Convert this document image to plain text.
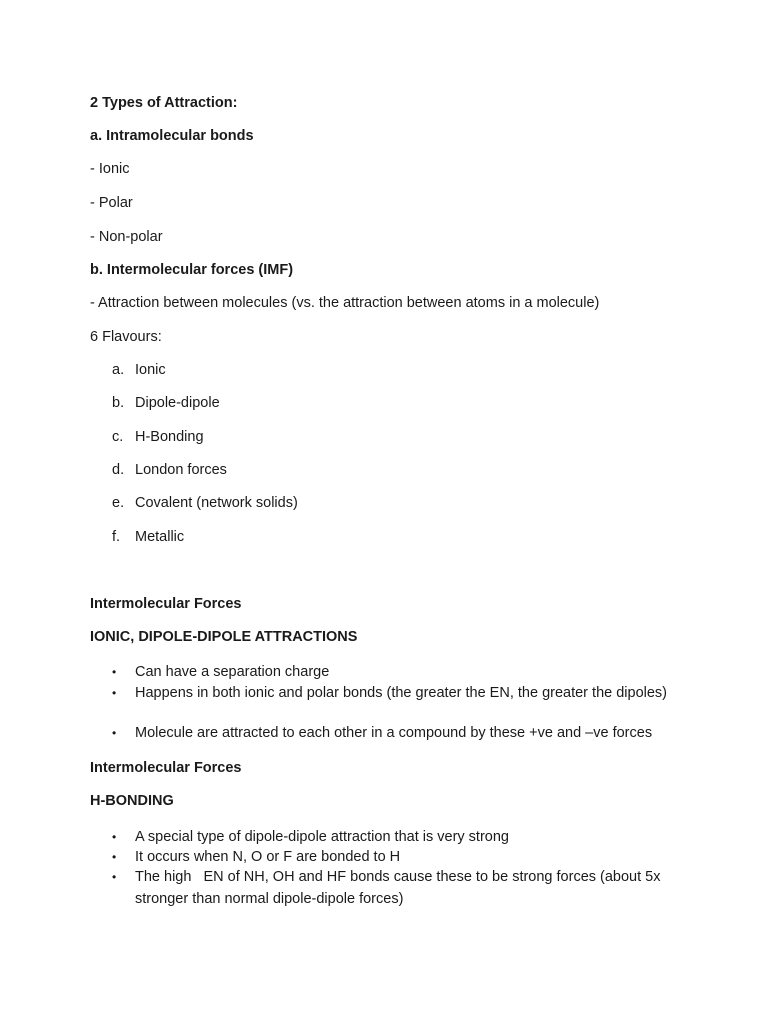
2 Types of Attraction:
a. Intramolecular bonds
- Ionic
- Polar
- Non-polar
b. Intermolecular forces (IMF)
- Attraction between molecules (vs. the attraction between atoms in a molecule)
6 Flavours:
a. Ionic
b. Dipole-dipole
c. H-Bonding
d. London forces
e. Covalent (network solids)
f. Metallic
Intermolecular Forces
IONIC, DIPOLE-DIPOLE ATTRACTIONS
• Can have a separation charge
• Happens in both ionic and polar bonds (the greater the EN, the greater the dipoles)
• Molecule are attracted to each other in a compound by these +ve and –ve forces
Intermolecular Forces
H-BONDING
• A special type of dipole-dipole attraction that is very strong
• It occurs when N, O or F are bonded to H
• The high   EN of NH, OH and HF bonds cause these to be strong forces (about 5x stronger than normal dipole-dipole forces)
